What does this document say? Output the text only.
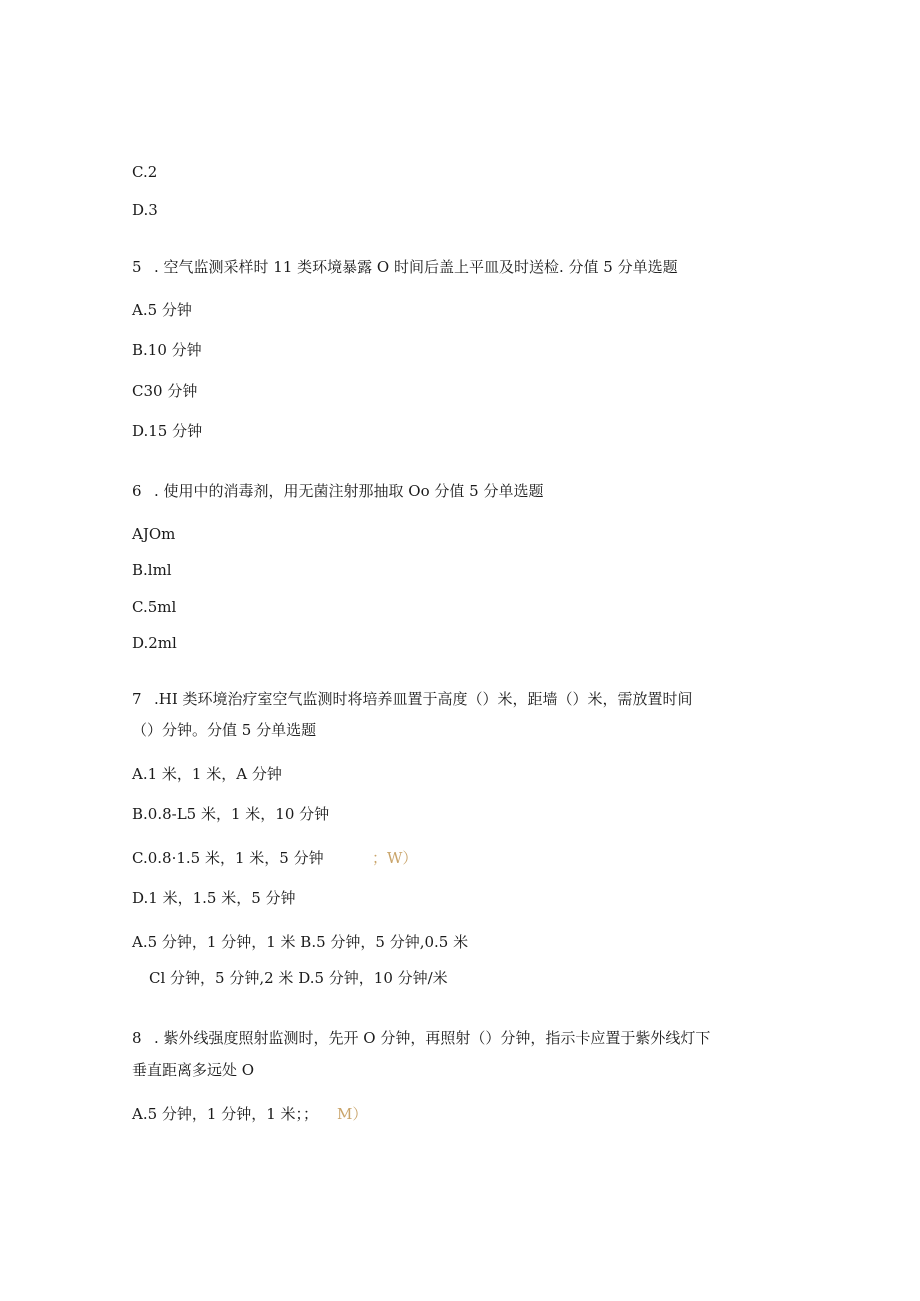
C.2
D.3
5 . 空气监测采样时 11 类环境暴露 O 时间后盖上平皿及时送检. 分值 5 分单选题
A.5 分钟
B.10 分钟
C30 分钟
D.15 分钟
6 . 使用中的消毒剂，用无菌注射那抽取 Oo 分值 5 分单选题
AJOm
B.lml
C.5ml
D.2ml
7 .HI 类环境治疗室空气监测时将培养皿置于高度（）米，距墙（）米，需放置时间
（）分钟。分值 5 分单选题
A.1 米，1 米，A 分钟
B.0.8-L5 米，1 米，10 分钟
C.0.8·1.5 米，1 米，5 分钟	；W）
D.1 米，1.5 米，5 分钟
A.5 分钟，1 分钟，1 米 B.5 分钟，5 分钟,0.5 米
Cl 分钟，5 分钟,2 米 D.5 分钟，10 分钟/米
8 . 紫外线强度照射监测时，先开 O 分钟，再照射（）分钟，指示卡应置于紫外线灯下
垂直距离多远处 O
A.5 分钟，1 分钟，1 米；； M）
